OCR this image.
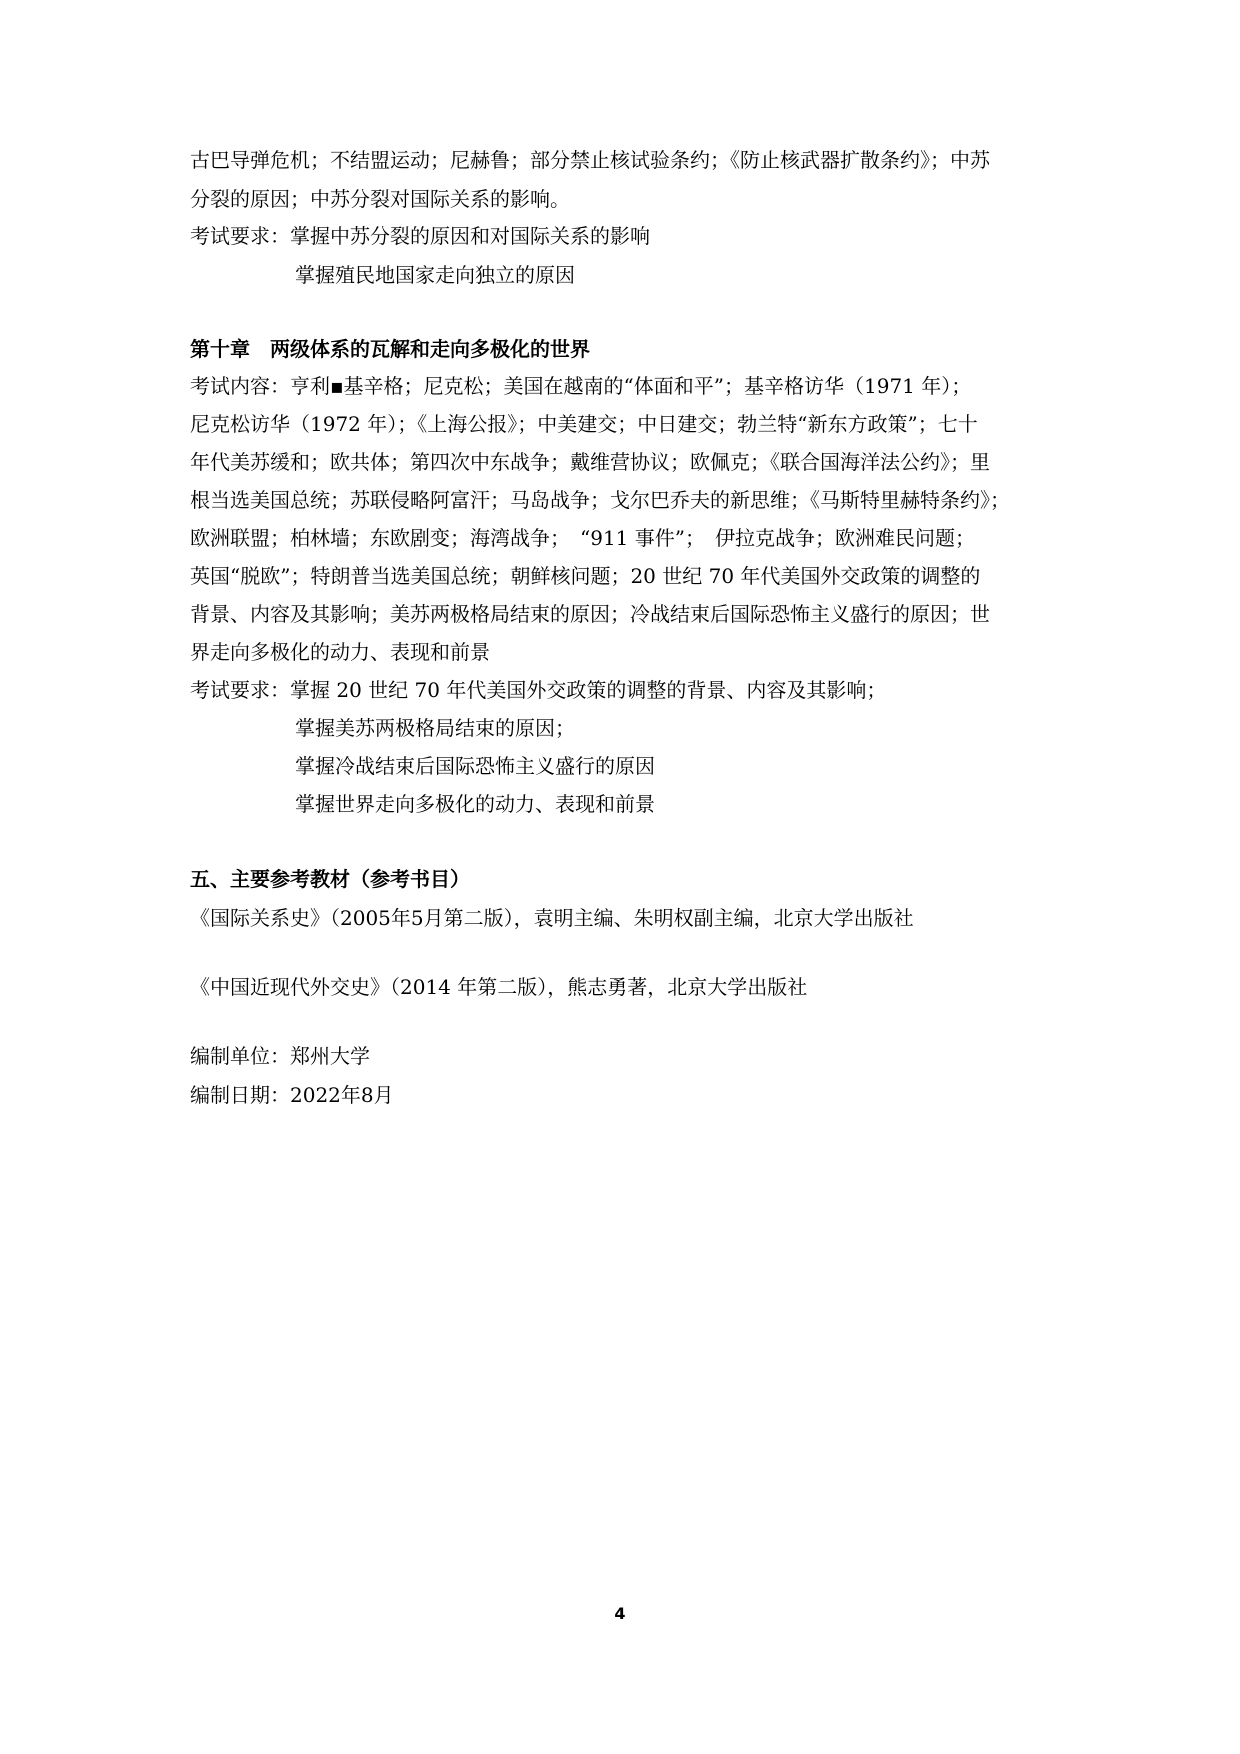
古巴导弹危机；不结盟运动；尼赫鲁；部分禁止核试验条约；《防止核武器扩散条约》；中苏
分裂的原因；中苏分裂对国际关系的影响。
考试要求：掌握中苏分裂的原因和对国际关系的影响
掌握殖民地国家走向独立的原因
第十章　两级体系的瓦解和走向多极化的世界
考试内容：亨利▪基辛格；尼克松；美国在越南的“体面和平”；基辛格访华（1971 年）；
尼克松访华（1972 年）；《上海公报》；中美建交；中日建交；勃兰特“新东方政策”；七十
年代美苏缓和；欧共体；第四次中东战争；戴维营协议；欧佩克；《联合国海洋法公约》；里
根当选美国总统；苏联侵略阿富汗；马岛战争；戈尔巴乔夫的新思维；《马斯特里赫特条约》；
欧洲联盟；柏林墙；东欧剧变；海湾战争；　“911 事件”；　伊拉克战争；欧洲难民问题；
英国“脱欧”；特朗普当选美国总统；朝鲜核问题；20 世纪 70 年代美国外交政策的调整的
背景、内容及其影响；美苏两极格局结束的原因；冷战结束后国际恐怖主义盛行的原因；世
界走向多极化的动力、表现和前景
考试要求：掌握 20 世纪 70 年代美国外交政策的调整的背景、内容及其影响；
掌握美苏两极格局结束的原因；
掌握冷战结束后国际恐怖主义盛行的原因
掌握世界走向多极化的动力、表现和前景
五、主要参考教材（参考书目）
《国际关系史》（2005年5月第二版），袁明主编、朱明权副主编，北京大学出版社
《中国近现代外交史》（2014 年第二版），熊志勇著，北京大学出版社
编制单位：郑州大学
编制日期：2022年8月
4
